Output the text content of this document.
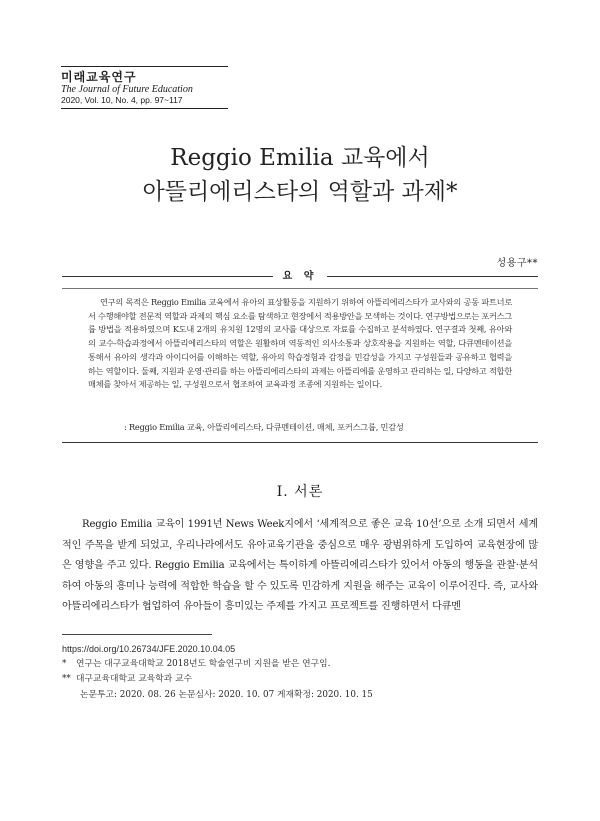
미래교육연구
The Journal of Future Education
2020, Vol. 10, No. 4, pp. 97~117
Reggio Emilia 교육에서
아뜰리에리스타의 역할과 과제*
성용구**
요 약
연구의 목적은 Reggio Emilia 교육에서 유아의 표상활동을 지원하기 위하여 아뜰리에리스타가 교사와의 공동 파트너로서 수행해야할 전문적 역할과 과제의 핵심 요소를 탐색하고 현장에서 적용방안을 모색하는 것이다. 연구방법으로는 포커스그룹 방법을 적용하였으며 K도내 2개의 유치원 12명의 교사를 대상으로 자료를 수집하고 분석하였다. 연구결과 첫째, 유아와의 교수-학습과정에서 아뜰리에리스타의 역할은 원활하며 역동적인 의사소통과 상호작용을 지원하는 역할, 다큐멘테이션을 통해서 유아의 생각과 아이디어를 이해하는 역할, 유아의 학습경험과 감정을 민감성을 가지고 구성원들과 공유하고 협력을 하는 역할이다. 둘째, 지원과 운영·관리를 하는 아뜰리에리스타의 과제는 아뜰리에를 운영하고 관리하는 일, 다양하고 적합한 매체를 찾아서 제공하는 일, 구성원으로서 협조하여 교육과정 조종에 지원하는 일이다.
: Reggio Emilia 교육, 아뜰리에리스타, 다큐멘테이션, 매체, 포커스그룹, 민감성
I. 서론
Reggio Emilia 교육이 1991년 News Week지에서 ‘세계적으로 좋은 교육 10선’으로 소개 되면서 세계적인 주목을 받게 되었고, 우리나라에서도 유아교육기관을 중심으로 매우 광범위하게 도입하여 교육현장에 많은 영향을 주고 있다. Reggio Emilia 교육에서는 특이하게 아뜰리에리스타가 있어서 아동의 행동을 관찰·분석하여 아동의 흥미나 능력에 적합한 학습을 할 수 있도록 민감하게 지원을 해주는 교육이 이루어진다. 즉, 교사와 아뜰리에리스타가 협업하여 유아들이 흥미있는 주제를 가지고 프로젝트를 진행하면서 다큐멘
https://doi.org/10.26734/JFE.2020.10.04.05
* 연구는 대구교육대학교 2018년도 학술연구비 지원을 받은 연구임.
** 대구교육대학교 교육학과 교수
논문투고: 2020. 08. 26 논문심사: 2020. 10. 07 게재확정: 2020. 10. 15
